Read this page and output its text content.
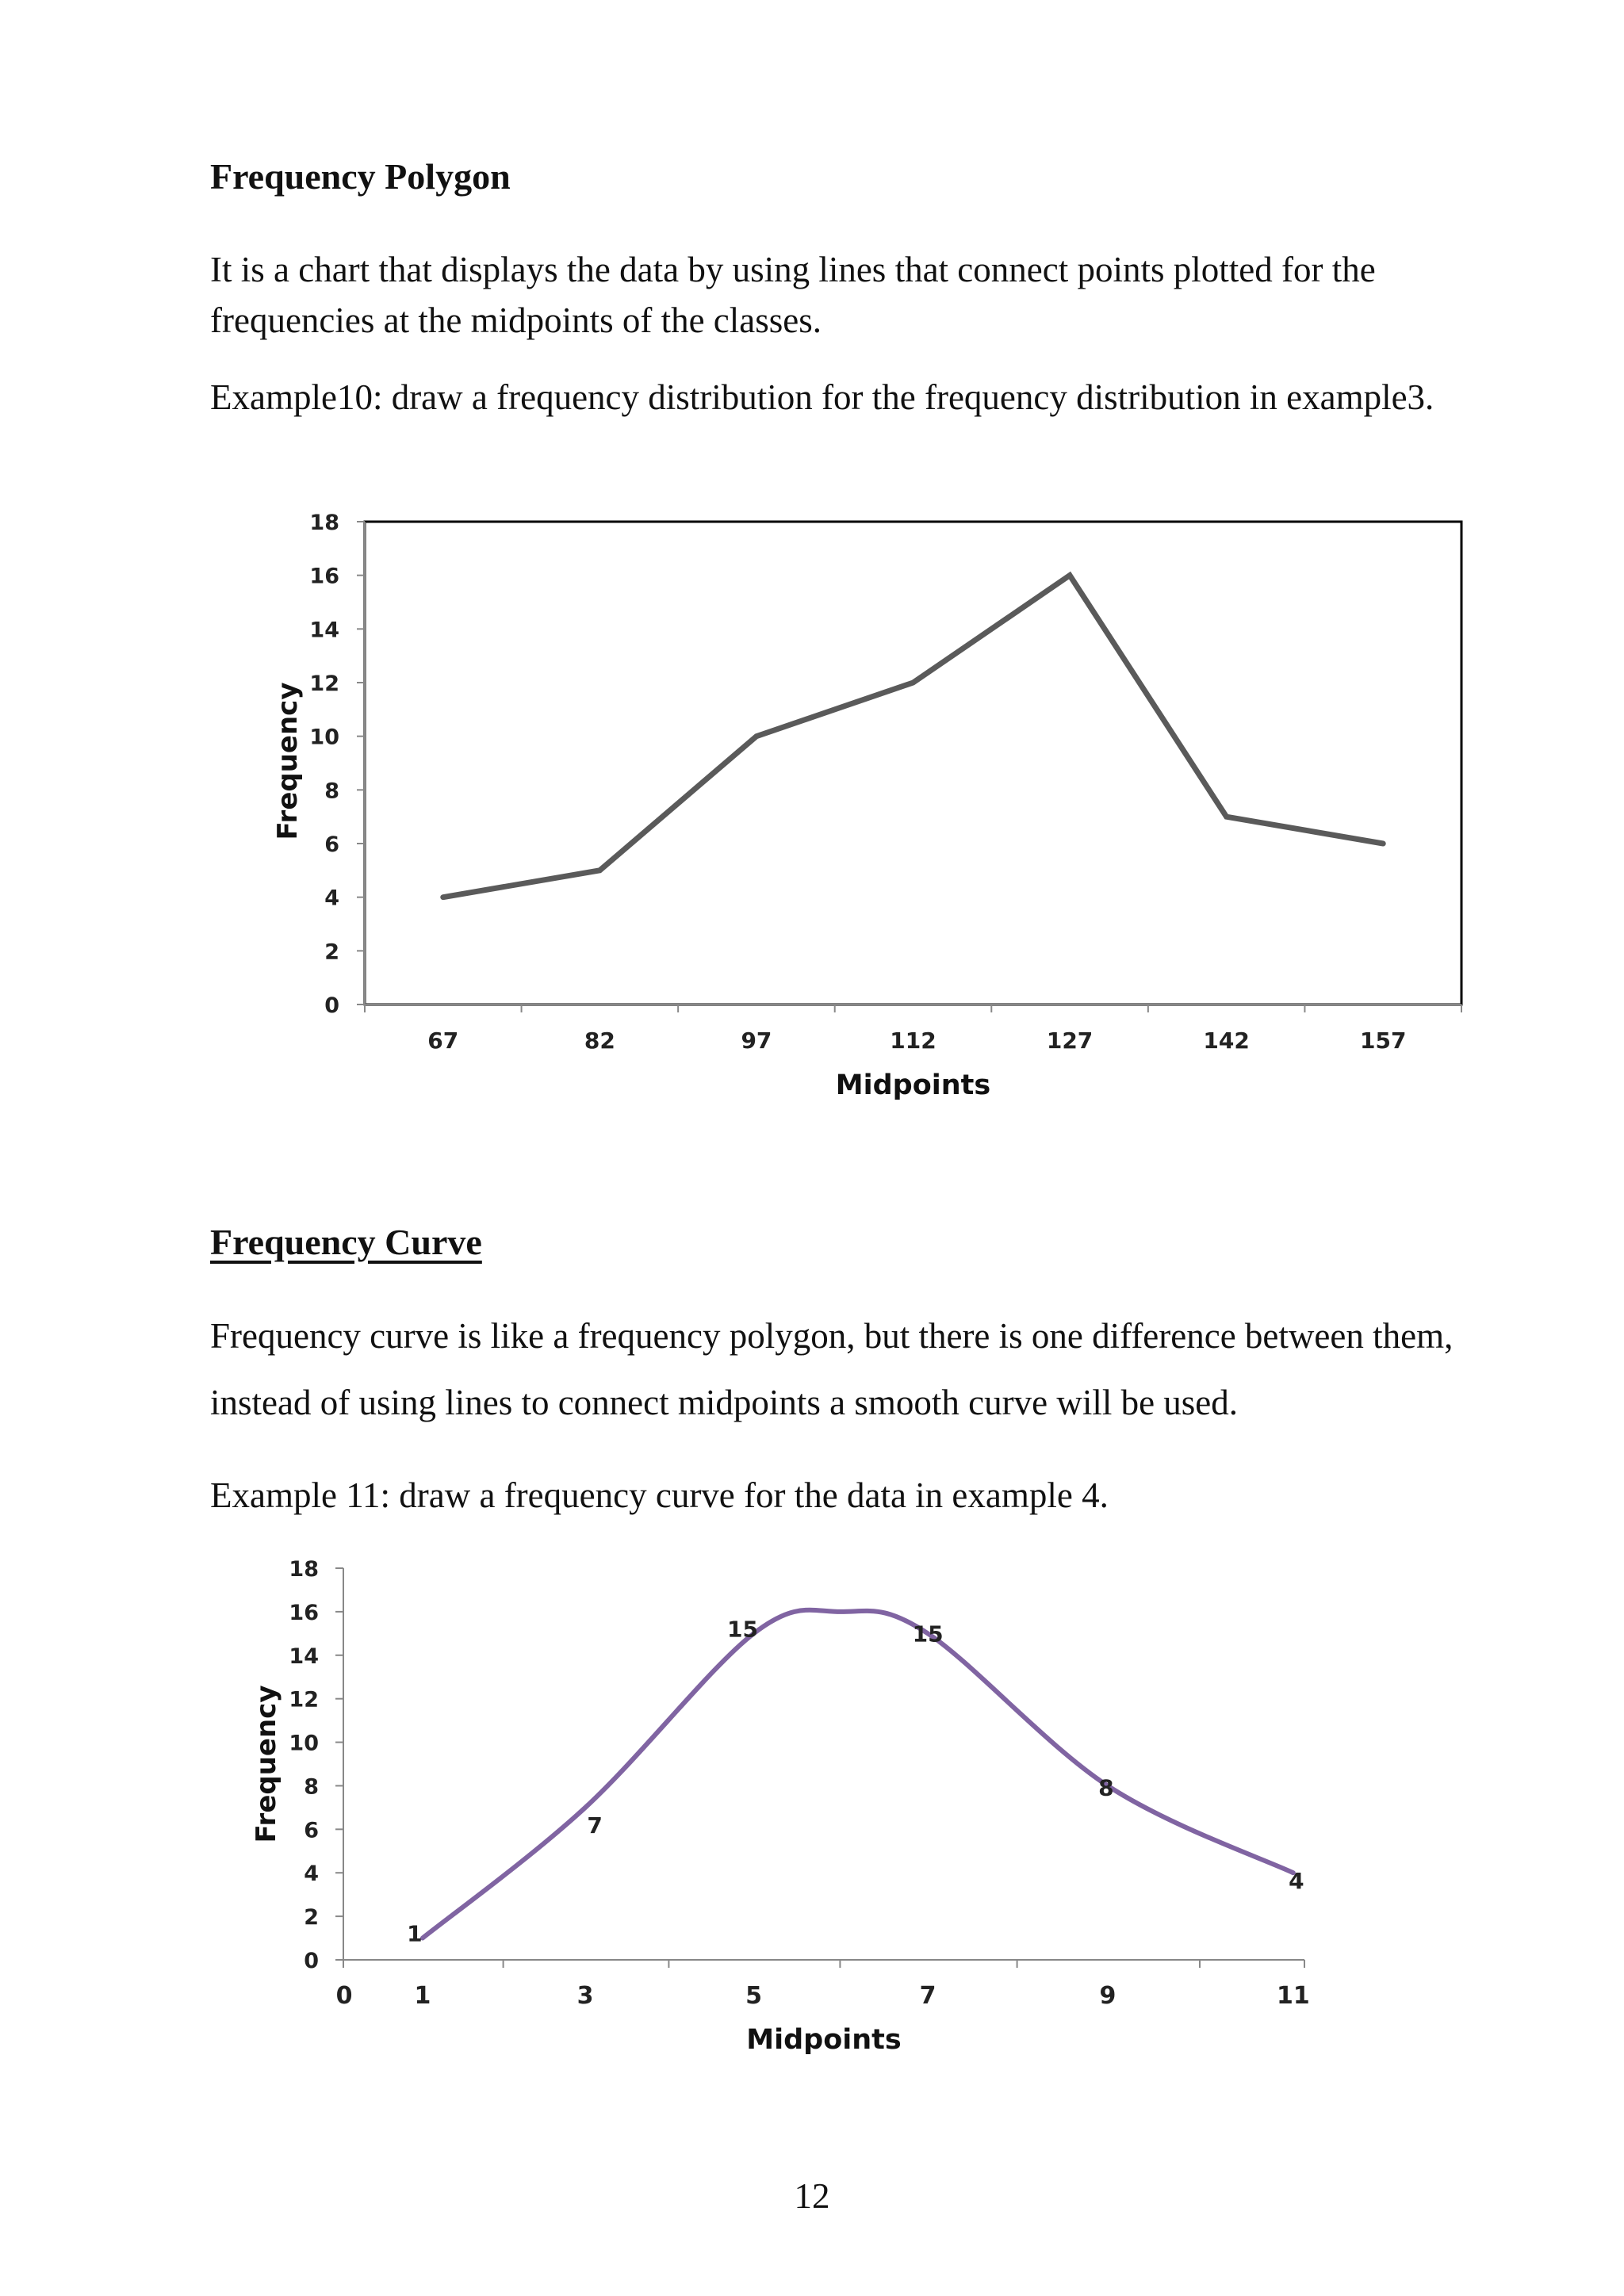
Frequency Polygon

It is a chart that displays the data by using lines that connect points plotted for the frequencies at the midpoints of the classes.

Example10: draw a frequency distribution for the frequency distribution in example3.

Frequency Curve

Frequency curve is like a frequency polygon, but there is one difference between them, instead of using lines to connect midpoints a smooth curve will be used.

Example 11: draw a frequency curve for the data in example 4.

0
2
4
6
8
10
12
14
16
18
67	82	97	112	127	142	157
Midpoints
Frequency
0
2
4
6
8
10
12
14
16
18
0	1	3	5	7	9	11
1
7
15	15
8
4
Midpoints
Frequency
12
